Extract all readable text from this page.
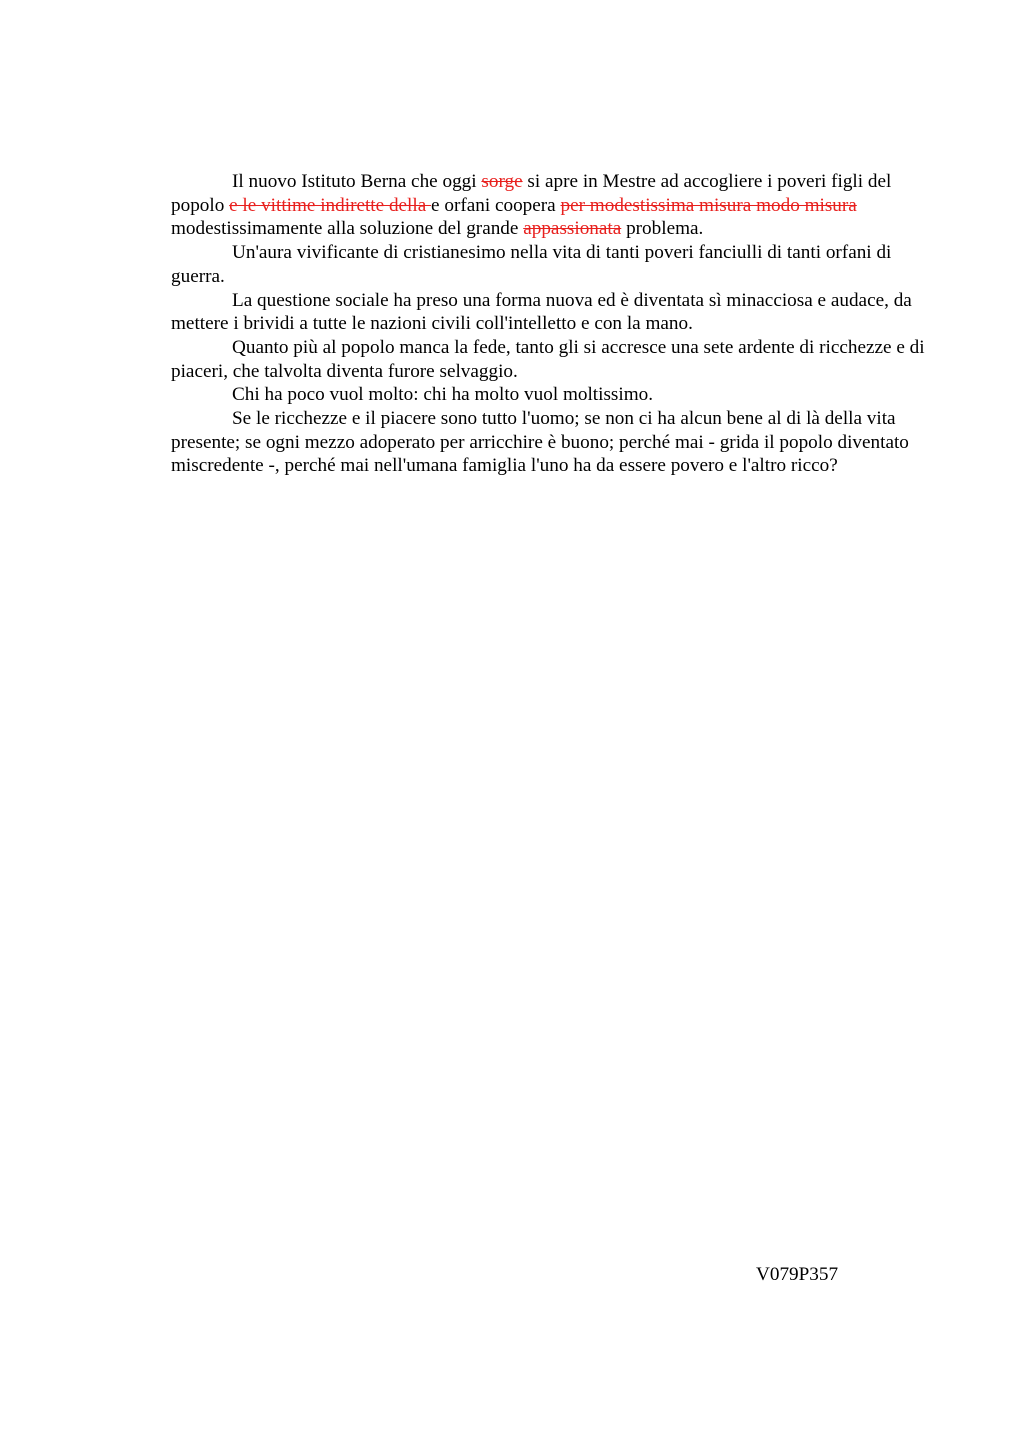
Il nuovo Istituto Berna che oggi sorge si apre in Mestre ad accogliere i poveri figli del popolo e le vittime indirette della e orfani coopera per modestissima misura modo misura modestissimamente alla soluzione del grande appassionata problema.

Un'aura vivificante di cristianesimo nella vita di tanti poveri fanciulli di tanti orfani di guerra.

La questione sociale ha preso una forma nuova ed è diventata sì minacciosa e audace, da mettere i brividi a tutte le nazioni civili coll'intelletto e con la mano.

Quanto più al popolo manca la fede, tanto gli si accresce una sete ardente di ricchezze e di piaceri, che talvolta diventa furore selvaggio.

Chi ha poco vuol molto: chi ha molto vuol moltissimo.

Se le ricchezze e il piacere sono tutto l'uomo; se non ci ha alcun bene al di là della vita presente; se ogni mezzo adoperato per arricchire è buono; perché mai - grida il popolo diventato miscredente -, perché mai nell'umana famiglia l'uno ha da essere povero e l'altro ricco?

V079P357
